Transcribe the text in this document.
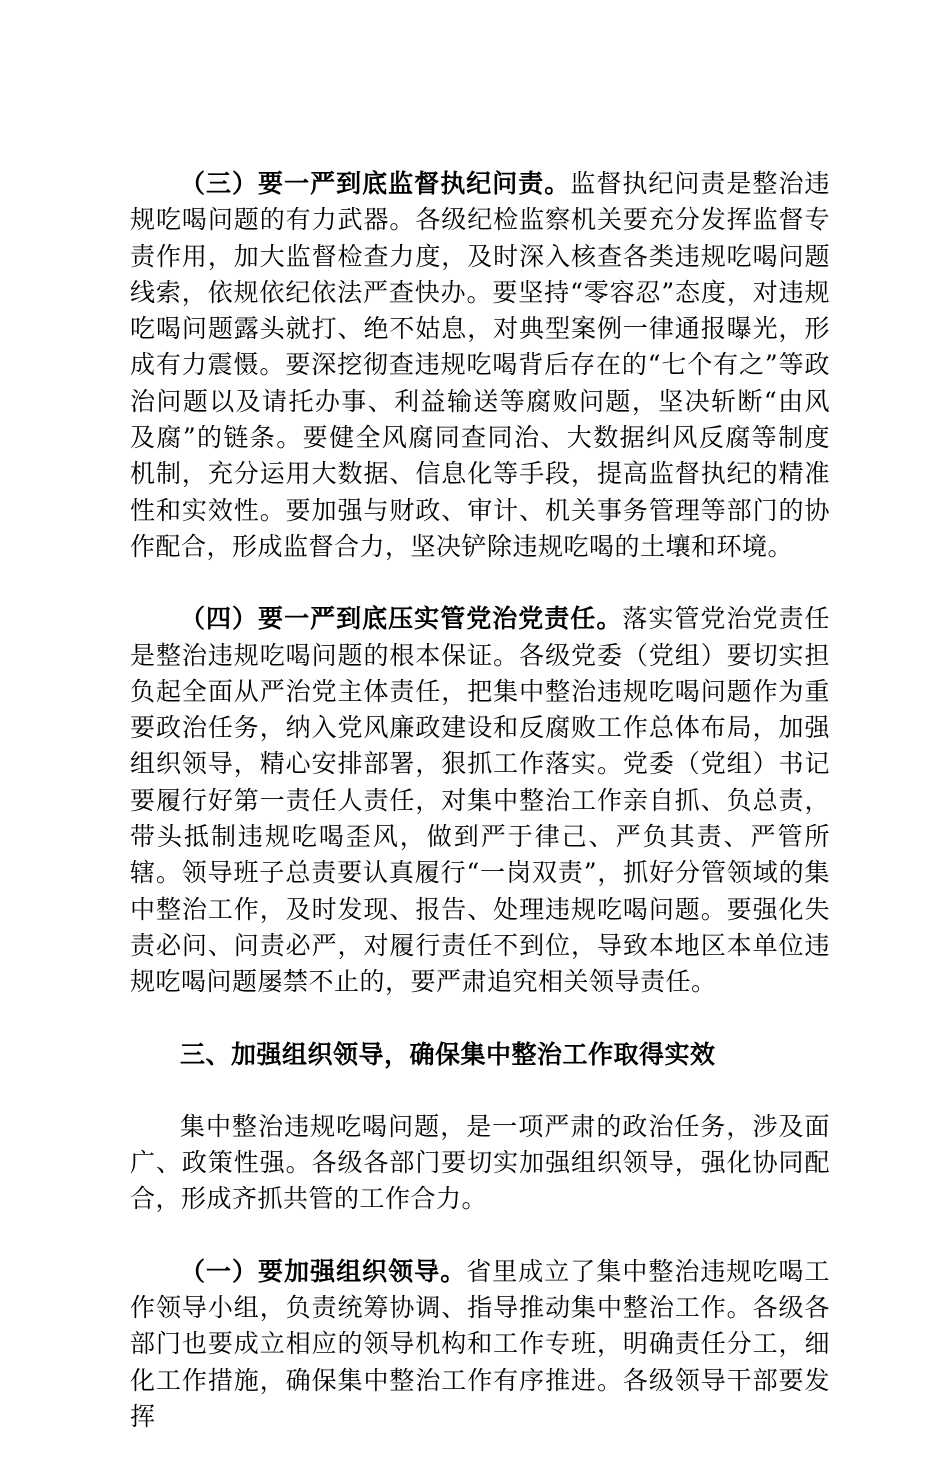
（三）要一严到底监督执纪问责。监督执纪问责是整治违规吃喝问题的有力武器。各级纪检监察机关要充分发挥监督专责作用，加大监督检查力度，及时深入核查各类违规吃喝问题线索，依规依纪依法严查快办。要坚持“零容忍”态度，对违规吃喝问题露头就打、绝不姑息，对典型案例一律通报曝光，形成有力震慑。要深挖彻查违规吃喝背后存在的“七个有之”等政治问题以及请托办事、利益输送等腐败问题，坚决斩断“由风及腐”的链条。要健全风腐同查同治、大数据纠风反腐等制度机制，充分运用大数据、信息化等手段，提高监督执纪的精准性和实效性。要加强与财政、审计、机关事务管理等部门的协作配合，形成监督合力，坚决铲除违规吃喝的土壤和环境。

（四）要一严到底压实管党治党责任。落实管党治党责任是整治违规吃喝问题的根本保证。各级党委（党组）要切实担负起全面从严治党主体责任，把集中整治违规吃喝问题作为重要政治任务，纳入党风廉政建设和反腐败工作总体布局，加强组织领导，精心安排部署，狠抓工作落实。党委（党组）书记要履行好第一责任人责任，对集中整治工作亲自抓、负总责，带头抵制违规吃喝歪风，做到严于律己、严负其责、严管所辖。领导班子总责要认真履行“一岗双责”，抓好分管领域的集中整治工作，及时发现、报告、处理违规吃喝问题。要强化失责必问、问责必严，对履行责任不到位，导致本地区本单位违规吃喝问题屡禁不止的，要严肃追究相关领导责任。

三、加强组织领导，确保集中整治工作取得实效

集中整治违规吃喝问题，是一项严肃的政治任务，涉及面广、政策性强。各级各部门要切实加强组织领导，强化协同配合，形成齐抓共管的工作合力。

（一）要加强组织领导。省里成立了集中整治违规吃喝工作领导小组，负责统筹协调、指导推动集中整治工作。各级各部门也要成立相应的领导机构和工作专班，明确责任分工，细化工作措施，确保集中整治工作有序推进。各级领导干部要发挥
